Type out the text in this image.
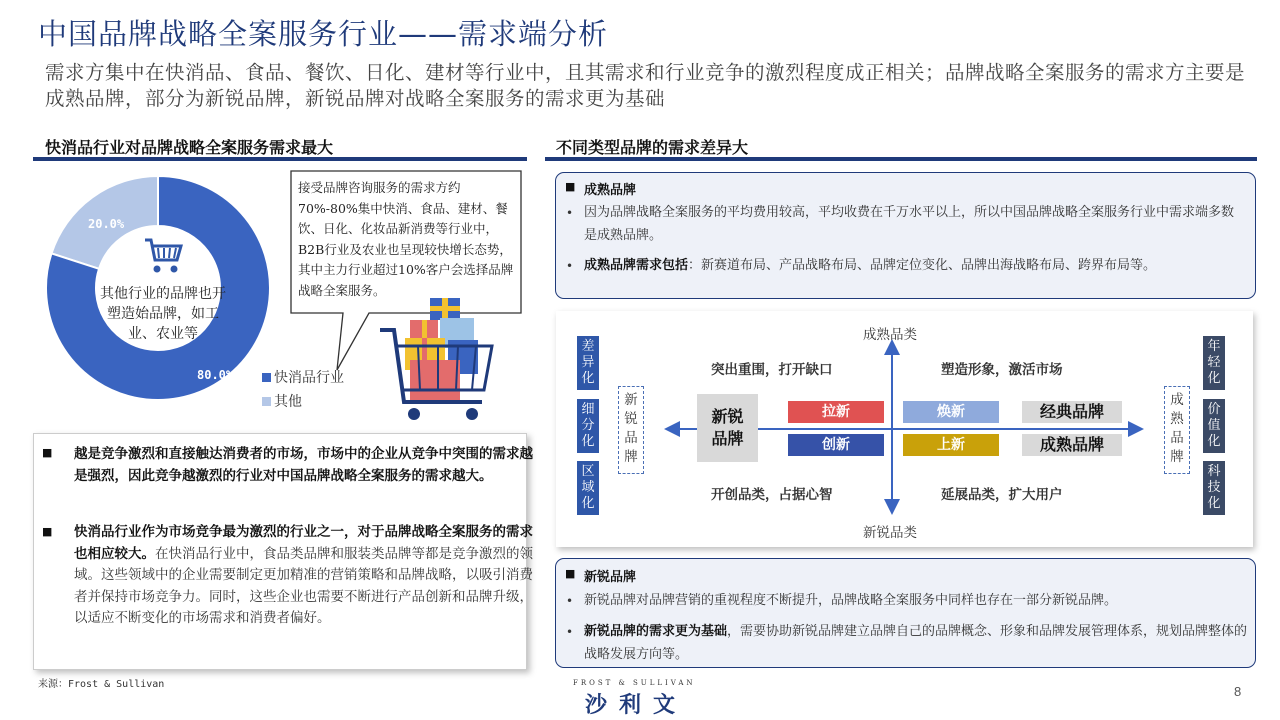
中国品牌战略全案服务行业——需求端分析
需求方集中在快消品、食品、餐饮、日化、建材等行业中，且其需求和行业竞争的激烈程度成正相关；品牌战略全案服务的需求方主要是成熟品牌，部分为新锐品牌，新锐品牌对战略全案服务的需求更为基础
快消品行业对品牌战略全案服务需求最大
20.0%
80.0%
其他行业的品牌也开塑造始品牌，如工业、农业等
快消品行业
其他
接受品牌咨询服务的需求方约70%-80%集中快消、食品、建材、餐饮、日化、化妆品新消费等行业中，B2B行业及农业也呈现较快增长态势，其中主力行业超过10%客户会选择品牌战略全案服务。
■ 越是竞争激烈和直接触达消费者的市场，市场中的企业从竞争中突围的需求越是强烈，因此竞争越激烈的行业对中国品牌战略全案服务的需求越大。
■ 快消品行业作为市场竞争最为激烈的行业之一，对于品牌战略全案服务的需求也相应较大。在快消品行业中，食品类品牌和服装类品牌等都是竞争激烈的领域。这些领域中的企业需要制定更加精准的营销策略和品牌战略，以吸引消费者并保持市场竞争力。同时，这些企业也需要不断进行产品创新和品牌升级，以适应不断变化的市场需求和消费者偏好。
不同类型品牌的需求差异大
■ 成熟品牌
• 因为品牌战略全案服务的平均费用较高，平均收费在千万水平以上，所以中国品牌战略全案服务行业中需求端多数是成熟品牌。
• 成熟品牌需求包括：新赛道布局、产品战略布局、品牌定位变化、品牌出海战略布局、跨界布局等。
成熟品类
新锐品类
差异化
细分化
区域化
年轻化
价值化
科技化
新锐品牌
成熟品牌
新锐品牌
突出重围，打开缺口	塑造形象，激活市场
开创品类，占据心智	延展品类，扩大用户
拉新	焕新
创新	上新
经典品牌
成熟品牌
■ 新锐品牌
• 新锐品牌对品牌营销的重视程度不断提升，品牌战略全案服务中同样也存在一部分新锐品牌。
• 新锐品牌的需求更为基础，需要协助新锐品牌建立品牌自己的品牌概念、形象和品牌发展管理体系，规划品牌整体的战略发展方向等。
来源：Frost & Sullivan	FROST & SULLIVAN
沙利文
8
